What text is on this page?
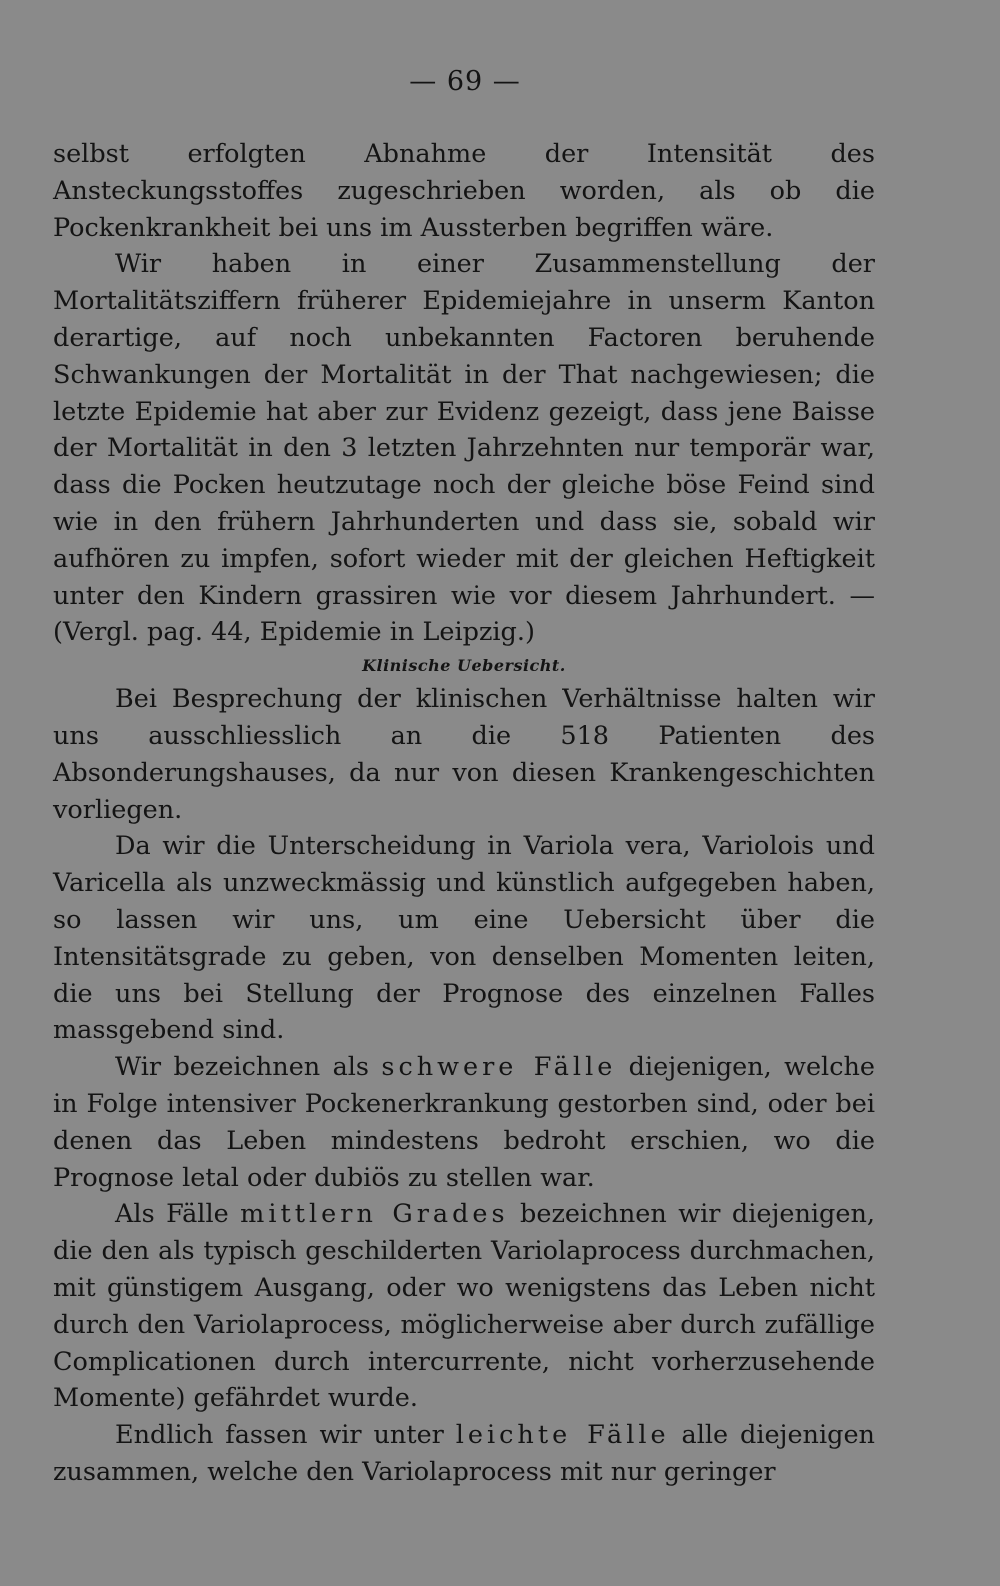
— 69 —

selbst erfolgten Abnahme der Intensität des Ansteckungsstoffes zugeschrieben worden, als ob die Pockenkrankheit bei uns im Aussterben begriffen wäre.

Wir haben in einer Zusammenstellung der Mortalitätsziffern früherer Epidemiejahre in unserm Kanton derartige, auf noch unbekannten Factoren beruhende Schwankungen der Mortalität in der That nachgewiesen; die letzte Epidemie hat aber zur Evidenz gezeigt, dass jene Baisse der Mortalität in den 3 letzten Jahrzehnten nur temporär war, dass die Pocken heutzutage noch der gleiche böse Feind sind wie in den frühern Jahrhunderten und dass sie, sobald wir aufhören zu impfen, sofort wieder mit der gleichen Heftigkeit unter den Kindern grassiren wie vor diesem Jahrhundert. — (Vergl. pag. 44, Epidemie in Leipzig.)

Klinische Uebersicht.

Bei Besprechung der klinischen Verhältnisse halten wir uns ausschliesslich an die 518 Patienten des Absonderungshauses, da nur von diesen Krankengeschichten vorliegen.

Da wir die Unterscheidung in Variola vera, Variolois und Varicella als unzweckmässig und künstlich aufgegeben haben, so lassen wir uns, um eine Uebersicht über die Intensitätsgrade zu geben, von denselben Momenten leiten, die uns bei Stellung der Prognose des einzelnen Falles massgebend sind.

Wir bezeichnen als schwere Fälle diejenigen, welche in Folge intensiver Pockenerkrankung gestorben sind, oder bei denen das Leben mindestens bedroht erschien, wo die Prognose letal oder dubiös zu stellen war.

Als Fälle mittlern Grades bezeichnen wir diejenigen, die den als typisch geschilderten Variolaprocess durchmachen, mit günstigem Ausgang, oder wo wenigstens das Leben nicht durch den Variolaprocess, möglicherweise aber durch zufällige Complicationen durch intercurrente, nicht vorherzusehende Momente) gefährdet wurde.

Endlich fassen wir unter leichte Fälle alle diejenigen zusammen, welche den Variolaprocess mit nur geringer
